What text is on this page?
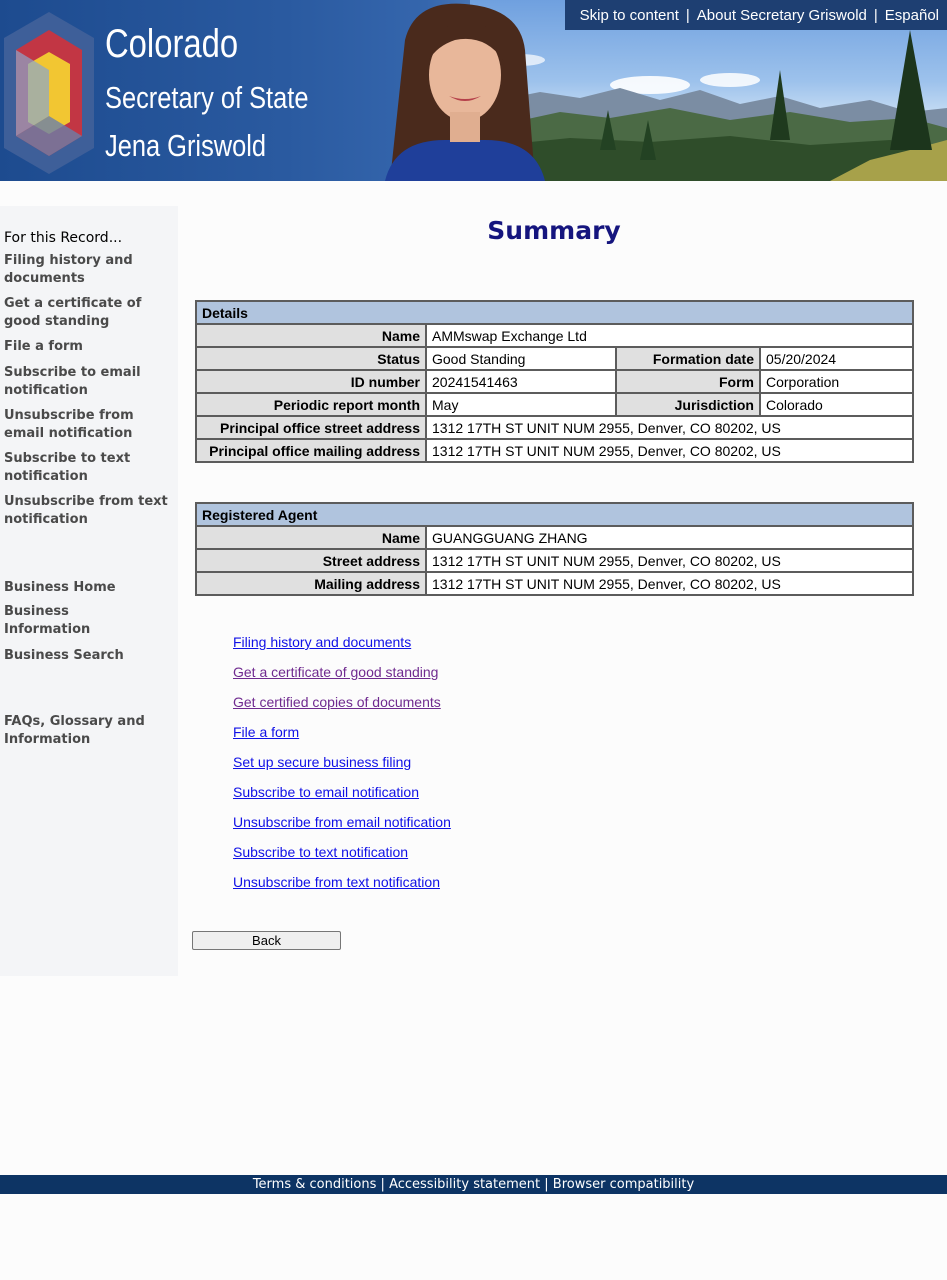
Colorado
Secretary of State
Jena Griswold
Skip to content | About Secretary Griswold | Español
For this Record...
Filing history and documents
Get a certificate of good standing
File a form
Subscribe to email notification
Unsubscribe from email notification
Subscribe to text notification
Unsubscribe from text notification
Business Home
Business Information
Business Search
FAQs, Glossary and Information
Summary
Details			
Name	AMMswap Exchange Ltd		
Status	Good Standing	Formation date	05/20/2024
ID number	20241541463	Form	Corporation
Periodic report month	May	Jurisdiction	Colorado
Principal office street address	1312 17TH ST UNIT NUM 2955, Denver, CO 80202, US		
Principal office mailing address	1312 17TH ST UNIT NUM 2955, Denver, CO 80202, US		
Registered Agent	
Name	GUANGGUANG ZHANG
Street address	1312 17TH ST UNIT NUM 2955, Denver, CO 80202, US
Mailing address	1312 17TH ST UNIT NUM 2955, Denver, CO 80202, US
Filing history and documents
Get a certificate of good standing
Get certified copies of documents
File a form
Set up secure business filing
Subscribe to email notification
Unsubscribe from email notification
Subscribe to text notification
Unsubscribe from text notification
Back
Terms & conditions | Accessibility statement | Browser compatibility
